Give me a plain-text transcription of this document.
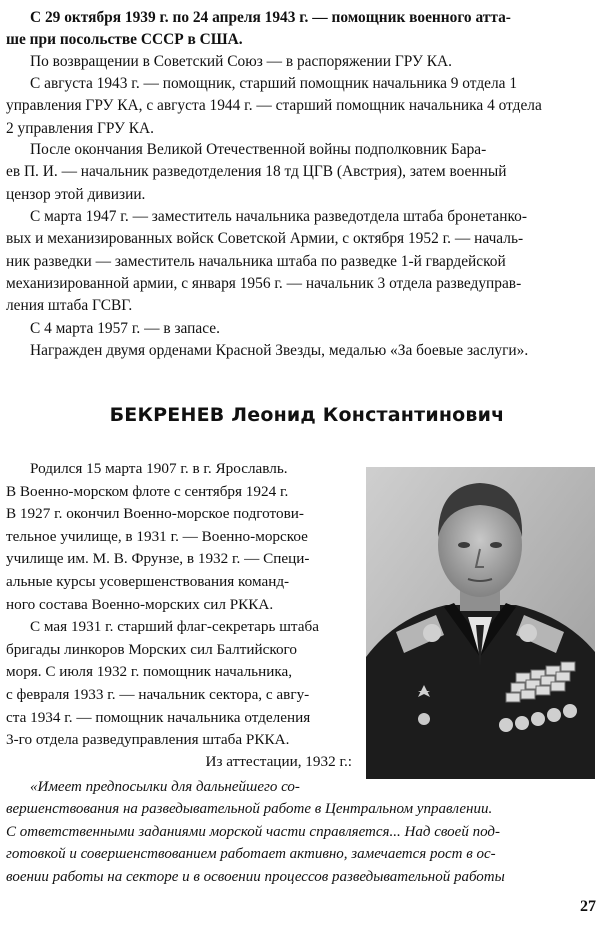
С 29 октября 1939 г. по 24 апреля 1943 г. — помощник военного атта-
ше при посольстве СССР в США.

По возвращении в Советский Союз — в распоряжении ГРУ КА.

С августа 1943 г. — помощник, старший помощник начальника 9 отдела 1
управления ГРУ КА, с августа 1944 г. — старший помощник начальника 4 отдела
2 управления ГРУ КА.

После окончания Великой Отечественной войны подполковник Бара-
ев П. И. — начальник разведотделения 18 тд ЦГВ (Австрия), затем военный
цензор этой дивизии.

С марта 1947 г. — заместитель начальника разведотдела штаба бронетанко-
вых и механизированных войск Советской Армии, с октября 1952 г. — началь-
ник разведки — заместитель начальника штаба по разведке 1-й гвардейской
механизированной армии, с января 1956 г. — начальник 3 отдела разведуправ-
ления штаба ГСВГ.

С 4 марта 1957 г. — в запасе.

Награжден двумя орденами Красной Звезды, медалью «За боевые заслуги».

БЕКРЕНЕВ Леонид Константинович

Родился 15 марта 1907 г. в г. Ярославль.
В Военно-морском флоте с сентября 1924 г.
В 1927 г. окончил Военно-морское подготови-
тельное училище, в 1931 г. — Военно-морское
училище им. М. В. Фрунзе, в 1932 г. — Специ-
альные курсы усовершенствования команд-
ного состава Военно-морских сил РККА.

С мая 1931 г. старший флаг-секретарь штаба
бригады линкоров Морских сил Балтийского
моря. С июля 1932 г. помощник начальника,
с февраля 1933 г. — начальник сектора, с авгу-
ста 1934 г. — помощник начальника отделения
3-го отдела разведуправления штаба РККА.

Из аттестации, 1932 г.:

«Имеет предпосылки для дальнейшего со-
вершенствования на разведывательной работе в Центральном управлении.
С ответственными заданиями морской части справляется... Над своей под-
готовкой и совершенствованием работает активно, замечается рост в ос-
воении работы на секторе и в освоении процессов разведывательной работы

27
